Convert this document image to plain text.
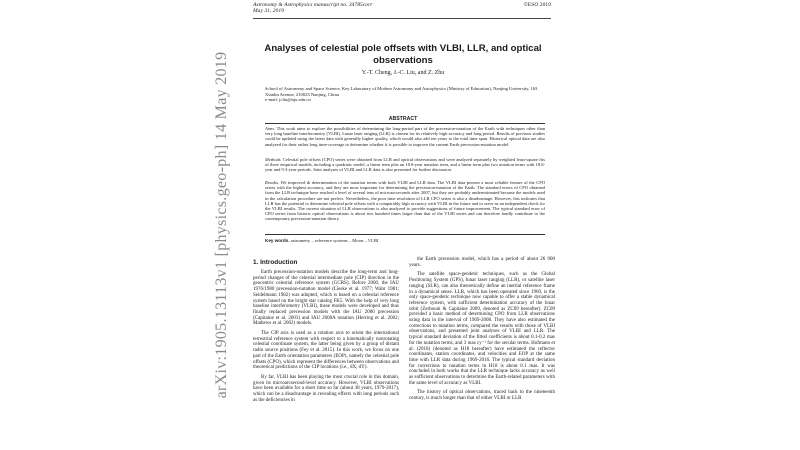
arXiv:1905.13113v1 [physics.geo-ph] 14 May 2019
Astronomy & Astrophysics manuscript no. 34785corr
May 31, 2019
©ESO 2019
Analyses of celestial pole offsets with VLBI, LLR, and optical observations
Y.-T. Cheng, J.-C. Liu, and Z. Zhu
School of Astronomy and Space Science, Key Laboratory of Modern Astronomy and Astrophysics (Ministry of Education), Nanjing University, 163 Xianlin Avenue, 210023 Nanjing, China
e-mail: jcliu@nju.edu.cn
ABSTRACT
Aims. This work aims to explore the possibilities of determining the long-period part of the precession-nutation of the Earth with techniques other than very long baseline interferometry (VLBI). Lunar laser ranging (LLR) is chosen for its relatively high accuracy and long period. Results of previous studies could be updated using the latest data with generally higher quality, which would also add ten years to the total time span. Historical optical data are also analyzed for their rather long time-coverage to determine whether it is possible to improve the current Earth precession-nutation model.
Methods. Celestial pole offsets (CPO) series were obtained from LLR and optical observations and were analyzed separately by weighted least-square fits of three empirical models, including a quadratic model, a linear term plus an 18.6-year nutation term, and a linear term plus two nutation terms with 18.6-year and 9.3-year periods. Joint analyses of VLBI and LLR data is also presented for further discussion.
Results. We improved th determination of the nutation terms with both VLBI and LLR data. The VLBI data present a most reliable feature of the CPO series with the highest accuracy, and they are most important for determining the precession-nutation of the Earth. The standard errors of CPO obtained from the LLR technique have reached a level of several tens of microarcseconds after 2007, but they are probably underestimated because the models used in the calculation procedure are not perfect. Nevertheless, the poor time resolution of LLR CPO series is also a disadvantage. However, this indicates that LLR has the potential to determine celestial pole offsets with a comparably high accuracy with VLBI in the future and to serve as an independent check for the VLBI results. The current situation of LLR observations is also analyzed to provide suggestions of future improvement. The typical standard error of CPO series from historic optical observations is about two hundred times larger than that of the VLBI series and can therefore hardly contribute to the contemporary precession-nutation theory.
Key words. astrometry – reference systems – Moon – VLBI
1. Introduction

Earth precession-nutation models describe the long-term and long-period changes of the celestial intermediate pole (CIP) direction in the geocentric celestial reference system (GCRS). Before 2000, the IAU 1976/1980 precession-nutation model (Lieske et al. 1977; Wahr 1981; Seidelmann 1982) was adopted, which is based on a celestial reference system based on the bright star catalog FK5. With the help of very long baseline interferometry (VLBI), these models were developed and thus finally replaced precession models with the IAU 2006 precession (Capitaine et al. 2003) and IAU 2000A nutation (Herring et al. 2002; Mathews et al. 2002) models.

The CIP axis is used as a rotation axis to orient the international terrestrial reference system with respect to a kinematically nonrotating celestial coordinate system, the latter being given by a group of distant radio source positions (Fey et al. 2015). In this work, we focus on one part of the Earth orientation parameters (EOP), namely the celestial pole offsets (CPO), which represent the differences between observations and theoretical predictions of the CIP locations (i.e., dX, dY).

By far, VLBI has been playing the most crucial role in this domain, given its microarcsecond-level accuracy. However, VLBI observations have been available for a short time so far (about 38 years, 1979-2017), which can be a disadvantage in revealing effects with long periods such as the deficiencies in

the Earth precession model, which has a period of about 26 000 years.

The satellite space-geodetic techniques, such as the Global Positioning System (GPS), lunar laser ranging (LLR), or satellite laser ranging (SLR), can also theoretically define an inertial reference frame in a dynamical sense. LLR, which has been operated since 1969, is the only space-geodetic technique now capable to offer a stable dynamical reference system, with sufficient determination accuracy of the lunar orbit (Zerhouni & Capitaine 2009, denoted as ZC09 hereafter). ZC09 provided a basic method of determining CPO from LLR observations using data in the interval of 1969-2008. They have also estimated the corrections to nutation terms, compared the results with those of VLBI observations, and presented joint analyses of VLBI and LLR. The typical standard deviation of the fitted coefficients is about 0.1-0.2 mas for the nutation terms, and 3 mas cy⁻¹ for the secular terms. Hofmann et al. (2018) (denoted as H18 hereafter) have estimated the reflector coordinates, station coordinates, and velocities and EOP at the same time with LLR data during 1969-2016. The typical standard deviation for corrections to nutation terms in H18 is about 0.1 mas. It was concluded in both works that the LLR technique lacks accuracy as well as sufficient observations to determine the Earth-related parameters with the same level of accuracy as VLBI.

The history of optical observations, traced back to the nineteenth century, is much longer than that of either VLBI or LLR
